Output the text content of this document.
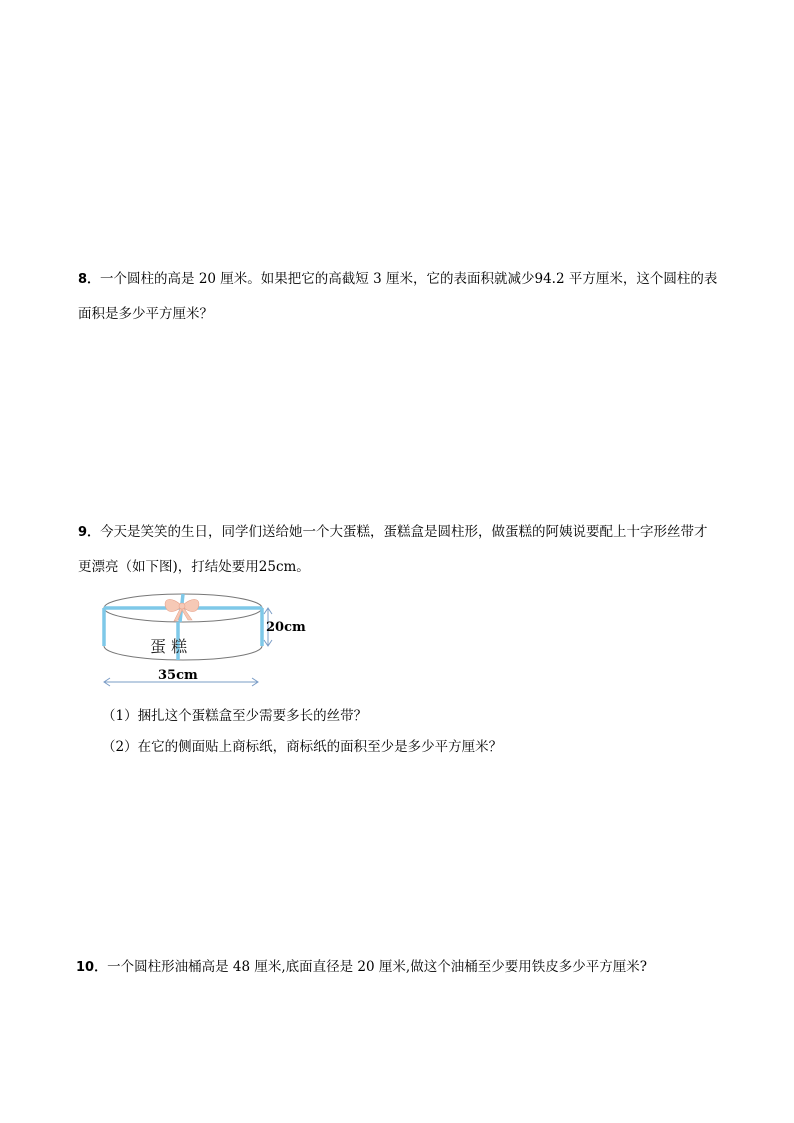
8．一个圆柱的高是 20 厘米。如果把它的高截短 3 厘米，它的表面积就减少94.2 平方厘米，这个圆柱的表面积是多少平方厘米？
9．今天是笑笑的生日，同学们送给她一个大蛋糕，蛋糕盒是圆柱形，做蛋糕的阿姨说要配上十字形丝带才更漂亮（如下图)，打结处要用25cm。
蛋 糕
20cm
35cm
（1）捆扎这个蛋糕盒至少需要多长的丝带？
（2）在它的侧面贴上商标纸，商标纸的面积至少是多少平方厘米？
10．一个圆柱形油桶高是 48 厘米,底面直径是 20 厘米,做这个油桶至少要用铁皮多少平方厘米?
